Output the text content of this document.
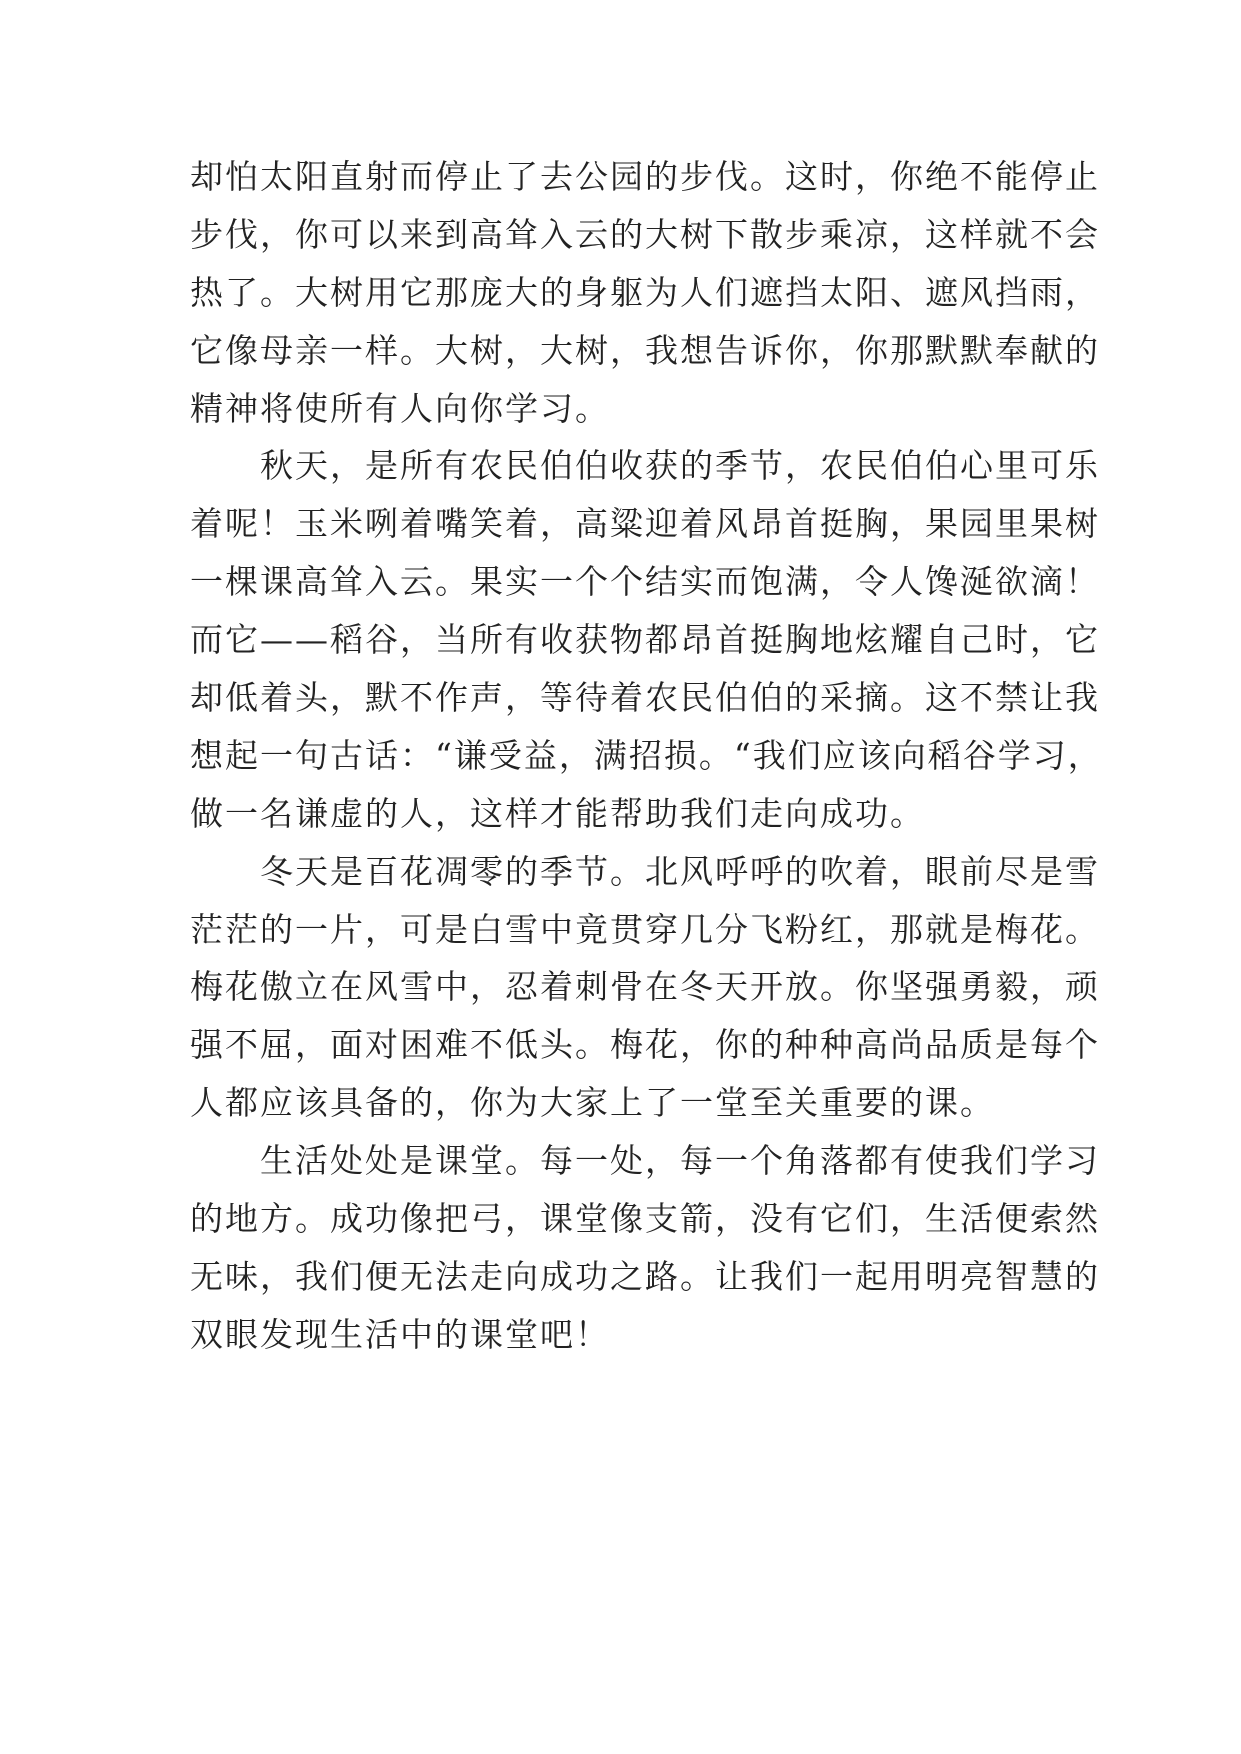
却怕太阳直射而停止了去公园的步伐。这时，你绝不能停止
步伐，你可以来到高耸入云的大树下散步乘凉，这样就不会
热了。大树用它那庞大的身躯为人们遮挡太阳、遮风挡雨，
它像母亲一样。大树，大树，我想告诉你，你那默默奉献的
精神将使所有人向你学习。
　　秋天，是所有农民伯伯收获的季节，农民伯伯心里可乐
着呢！玉米咧着嘴笑着，高粱迎着风昂首挺胸，果园里果树
一棵课高耸入云。果实一个个结实而饱满，令人馋涎欲滴！
而它——稻谷，当所有收获物都昂首挺胸地炫耀自己时，它
却低着头，默不作声，等待着农民伯伯的采摘。这不禁让我
想起一句古话：“谦受益，满招损。“我们应该向稻谷学习，
做一名谦虚的人，这样才能帮助我们走向成功。
　　冬天是百花凋零的季节。北风呼呼的吹着，眼前尽是雪
茫茫的一片，可是白雪中竟贯穿几分飞粉红，那就是梅花。
梅花傲立在风雪中，忍着刺骨在冬天开放。你坚强勇毅，顽
强不屈，面对困难不低头。梅花，你的种种高尚品质是每个
人都应该具备的，你为大家上了一堂至关重要的课。
　　生活处处是课堂。每一处，每一个角落都有使我们学习
的地方。成功像把弓，课堂像支箭，没有它们，生活便索然
无味，我们便无法走向成功之路。让我们一起用明亮智慧的
双眼发现生活中的课堂吧！
